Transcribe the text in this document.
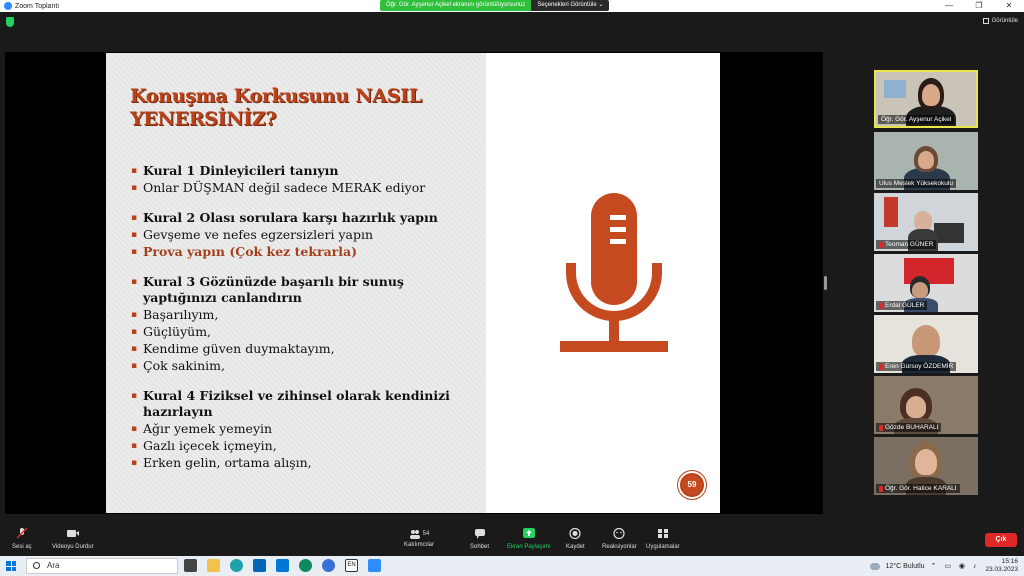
Zoom Toplantı	Öğr. Gör. Ayşenur Açikel ekranını görüntülüyorsunuz	Seçenekleri Görüntüle ⌄	—	❐	✕
Görüntüle
Konuşma Korkusunu NASIL YENERSİNİZ?
▪ Kural 1 Dinleyicileri tanıyın
▪ Onlar DÜŞMAN değil sadece MERAK ediyor
▪ Kural 2 Olası sorulara karşı hazırlık yapın
▪ Gevşeme ve nefes egzersizleri yapın
▪ Prova yapın (Çok kez tekrarla)
▪ Kural 3 Gözünüzde başarılı bir sunuş yaptığınızı canlandırın
▪ Başarılıyım,
▪ Güçlüyüm,
▪ Kendime güven duymaktayım,
▪ Çok sakinim,
▪ Kural 4 Fiziksel ve zihinsel olarak kendinizi hazırlayın
▪ Ağır yemek yemeyin
▪ Gazlı içecek içmeyin,
▪ Erken gelin, ortama alışın,
59
Öğr. Gör. Ayşenur Açikel
Ulus Meslek Yüksekokulu
Teoman GÜNER
Erdal GÜLER
Eren Gürsoy ÖZDEMİR
Gözde BUHARALI
Öğr. Gör. Hatice KARALI
Sesi aç	Videoyu Durdur
54
Katılımcılar	Sohbet	Ekran Paylaşımı	Kaydet	Reaksiyonlar Uygulamalar
Çık
Ara	EN	12°C Bulutlu ⌃ ▭ ◉ ♪
15:16
23.03.2023
